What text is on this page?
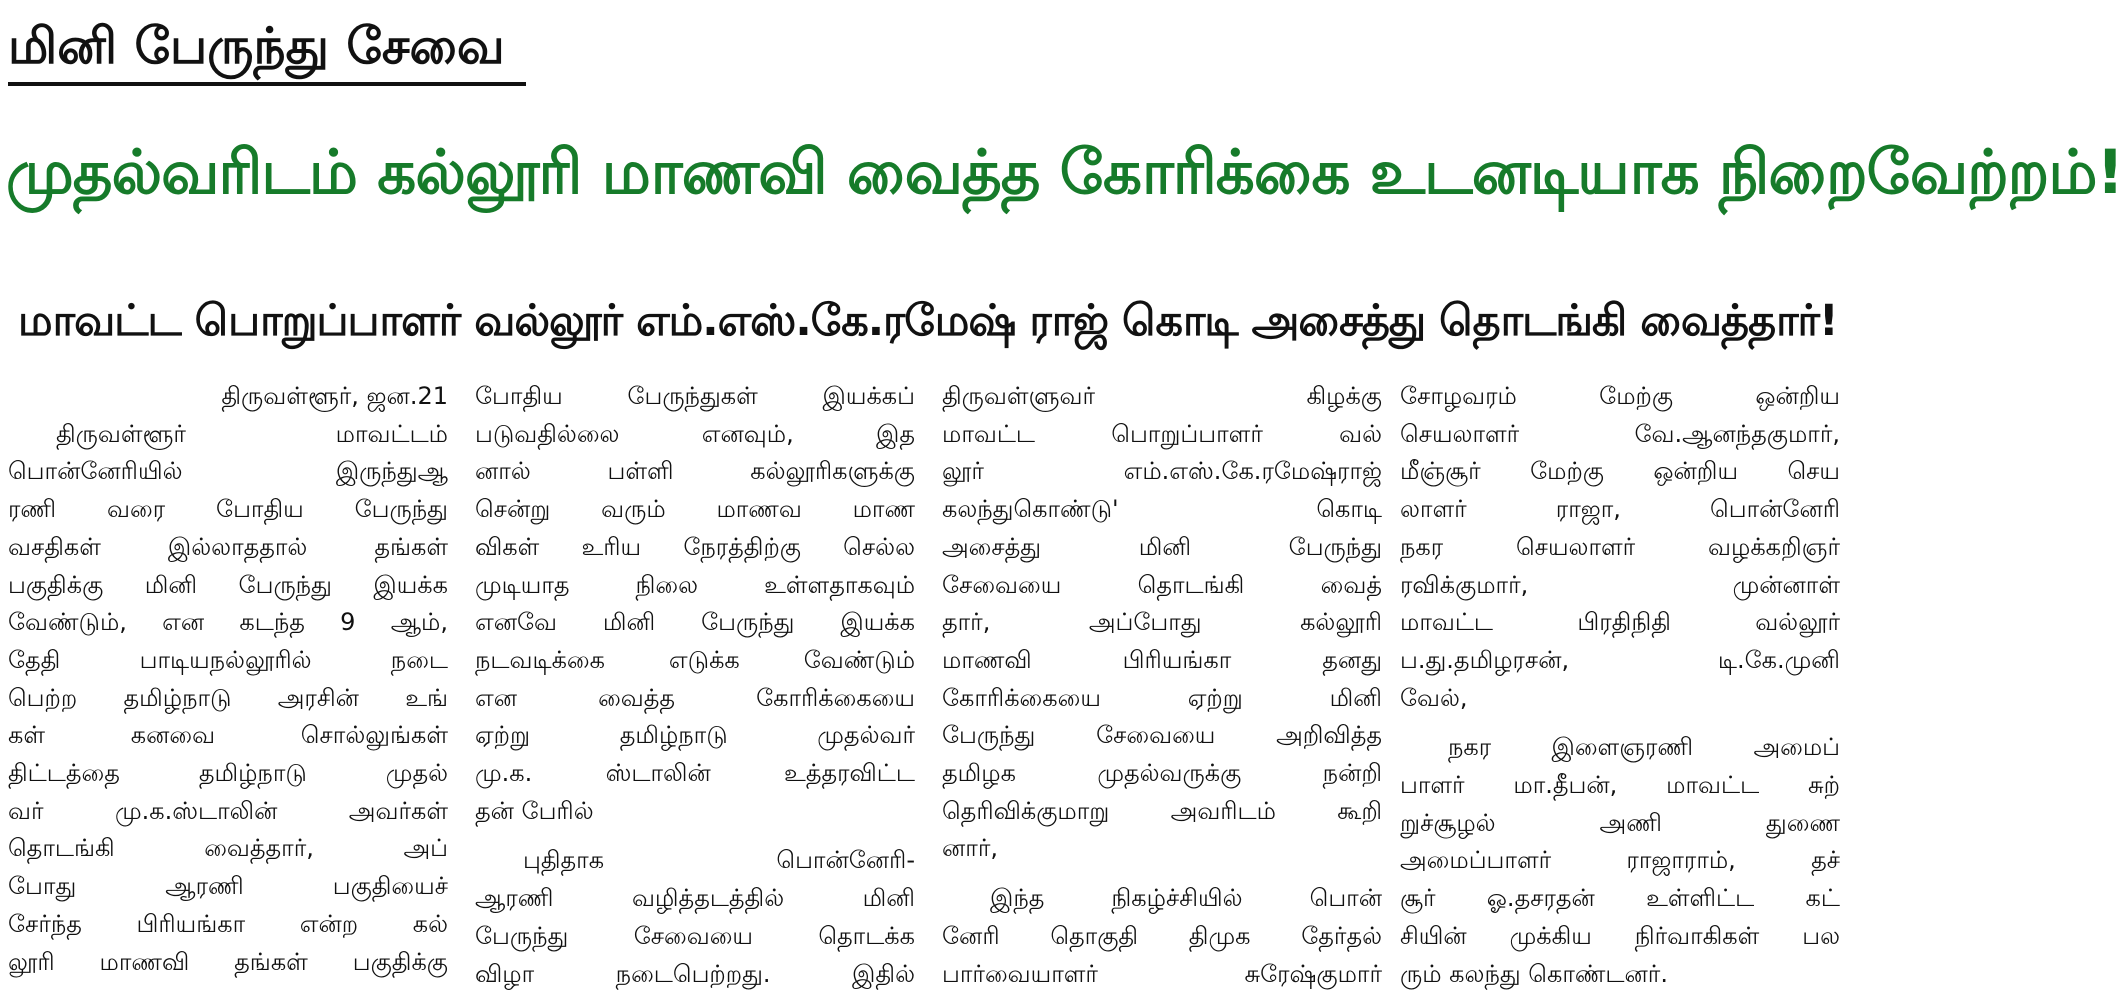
மினி பேருந்து சேவை
முதல்வரிடம் கல்லூரி மாணவி வைத்த கோரிக்கை உடனடியாக நிறைவேற்றம்!
மாவட்ட பொறுப்பாளர் வல்லூர் எம்.எஸ்.கே.ரமேஷ் ராஜ் கொடி அசைத்து தொடங்கி வைத்தார்!
திருவள்ளூர், ஜன.21
திருவள்ளூர் மாவட்டம்
பொன்னேரியில் இருந்துஆ
ரணி வரை போதிய பேருந்து
வசதிகள் இல்லாததால் தங்கள்
பகுதிக்கு மினி பேருந்து இயக்க
வேண்டும், என கடந்த 9 ஆம்,
தேதி பாடியநல்லூரில் நடை
பெற்ற தமிழ்நாடு அரசின் உங்
கள் கனவை சொல்லுங்கள்
திட்டத்தை தமிழ்நாடு முதல்
வர் மு.க.ஸ்டாலின் அவர்கள்
தொடங்கி வைத்தார், அப்
போது ஆரணி பகுதியைச்
சேர்ந்த பிரியங்கா என்ற கல்
லூரி மாணவி தங்கள் பகுதிக்கு
போதிய பேருந்துகள் இயக்கப்
படுவதில்லை எனவும், இத
னால் பள்ளி கல்லூரிகளுக்கு
சென்று வரும் மாணவ மாண
விகள் உரிய நேரத்திற்கு செல்ல
முடியாத நிலை உள்ளதாகவும்
எனவே மினி பேருந்து இயக்க
நடவடிக்கை எடுக்க வேண்டும்
என வைத்த கோரிக்கையை
ஏற்று தமிழ்நாடு முதல்வர்
மு.க. ஸ்டாலின் உத்தரவிட்ட
தன் பேரில்
புதிதாக பொன்னேரி-
ஆரணி வழித்தடத்தில் மினி
பேருந்து சேவையை தொடக்க
விழா நடைபெற்றது. இதில்
திருவள்ளுவர் கிழக்கு
மாவட்ட பொறுப்பாளர் வல்
லூர் எம்.எஸ்.கே.ரமேஷ்ராஜ்
கலந்துகொண்டு' கொடி
அசைத்து மினி பேருந்து
சேவையை தொடங்கி வைத்
தார், அப்போது கல்லூரி
மாணவி பிரியங்கா தனது
கோரிக்கையை ஏற்று மினி
பேருந்து சேவையை அறிவித்த
தமிழக முதல்வருக்கு நன்றி
தெரிவிக்குமாறு அவரிடம் கூறி
னார்,
இந்த நிகழ்ச்சியில் பொன்
னேரி தொகுதி திமுக தேர்தல்
பார்வையாளர் சுரேஷ்குமார்
சோழவரம் மேற்கு ஒன்றிய
செயலாளர் வே.ஆனந்தகுமார்,
மீஞ்சூர் மேற்கு ஒன்றிய செய
லாளர் ராஜா, பொன்னேரி
நகர செயலாளர் வழக்கறிஞர்
ரவிக்குமார், முன்னாள்
மாவட்ட பிரதிநிதி வல்லூர்
ப.து.தமிழரசன், டி.கே.முனி
வேல்,
நகர இளைஞரணி அமைப்
பாளர் மா.தீபன், மாவட்ட சுற்
றுச்சூழல் அணி துணை
அமைப்பாளர் ராஜாராம், தச்
சூர் ஓ.தசரதன் உள்ளிட்ட கட்
சியின் முக்கிய நிர்வாகிகள் பல
ரும் கலந்து கொண்டனர்.
